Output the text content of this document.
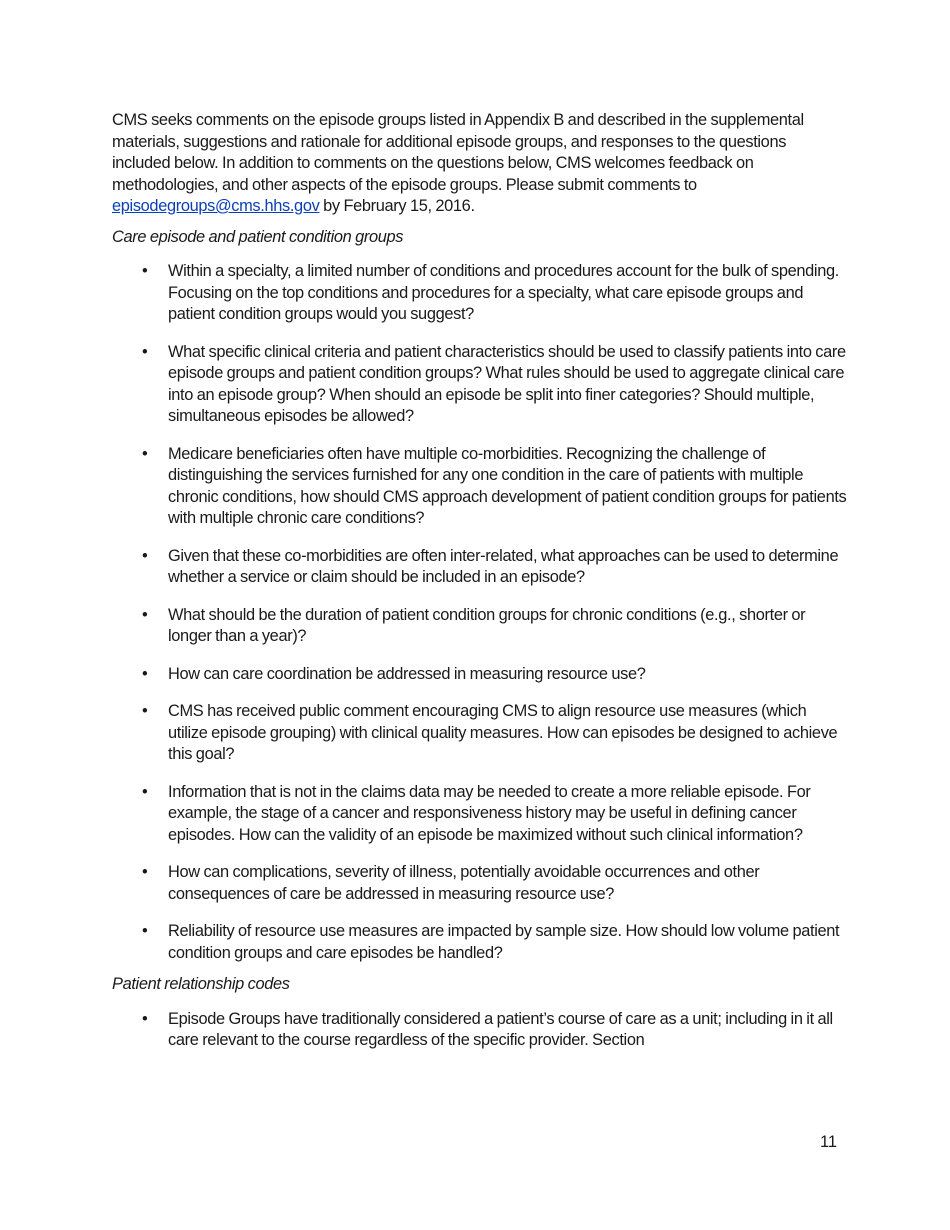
CMS seeks comments on the episode groups listed in Appendix B and described in the supplemental materials, suggestions and rationale for additional episode groups, and responses to the questions included below. In addition to comments on the questions below, CMS welcomes feedback on methodologies, and other aspects of the episode groups. Please submit comments to episodegroups@cms.hhs.gov by February 15, 2016.

Care episode and patient condition groups

• Within a specialty, a limited number of conditions and procedures account for the bulk of spending. Focusing on the top conditions and procedures for a specialty, what care episode groups and patient condition groups would you suggest?
• What specific clinical criteria and patient characteristics should be used to classify patients into care episode groups and patient condition groups? What rules should be used to aggregate clinical care into an episode group? When should an episode be split into finer categories? Should multiple, simultaneous episodes be allowed?
• Medicare beneficiaries often have multiple co-morbidities. Recognizing the challenge of distinguishing the services furnished for any one condition in the care of patients with multiple chronic conditions, how should CMS approach development of patient condition groups for patients with multiple chronic care conditions?
• Given that these co-morbidities are often inter-related, what approaches can be used to determine whether a service or claim should be included in an episode?
• What should be the duration of patient condition groups for chronic conditions (e.g., shorter or longer than a year)?
• How can care coordination be addressed in measuring resource use?
• CMS has received public comment encouraging CMS to align resource use measures (which utilize episode grouping) with clinical quality measures. How can episodes be designed to achieve this goal?
• Information that is not in the claims data may be needed to create a more reliable episode. For example, the stage of a cancer and responsiveness history may be useful in defining cancer episodes. How can the validity of an episode be maximized without such clinical information?
• How can complications, severity of illness, potentially avoidable occurrences and other consequences of care be addressed in measuring resource use?
• Reliability of resource use measures are impacted by sample size. How should low volume patient condition groups and care episodes be handled?

Patient relationship codes

• Episode Groups have traditionally considered a patient’s course of care as a unit; including in it all care relevant to the course regardless of the specific provider. Section
11
